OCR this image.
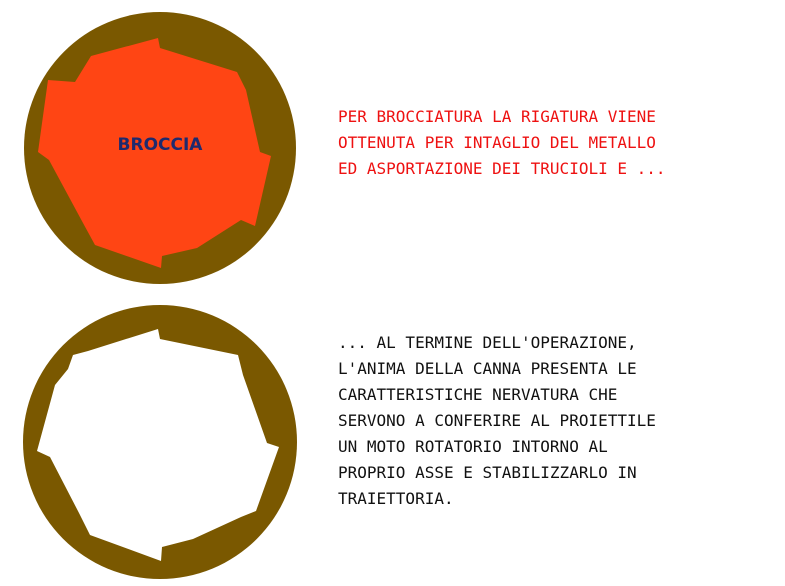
BROCCIA
PER BROCCIATURA LA RIGATURA VIENE
OTTENUTA PER INTAGLIO DEL METALLO
ED ASPORTAZIONE DEI TRUCIOLI E ...
... AL TERMINE DELL'OPERAZIONE,
L'ANIMA DELLA CANNA PRESENTA LE
CARATTERISTICHE NERVATURA CHE
SERVONO A CONFERIRE AL PROIETTILE
UN MOTO ROTATORIO INTORNO AL
PROPRIO ASSE E STABILIZZARLO IN
TRAIETTORIA.
